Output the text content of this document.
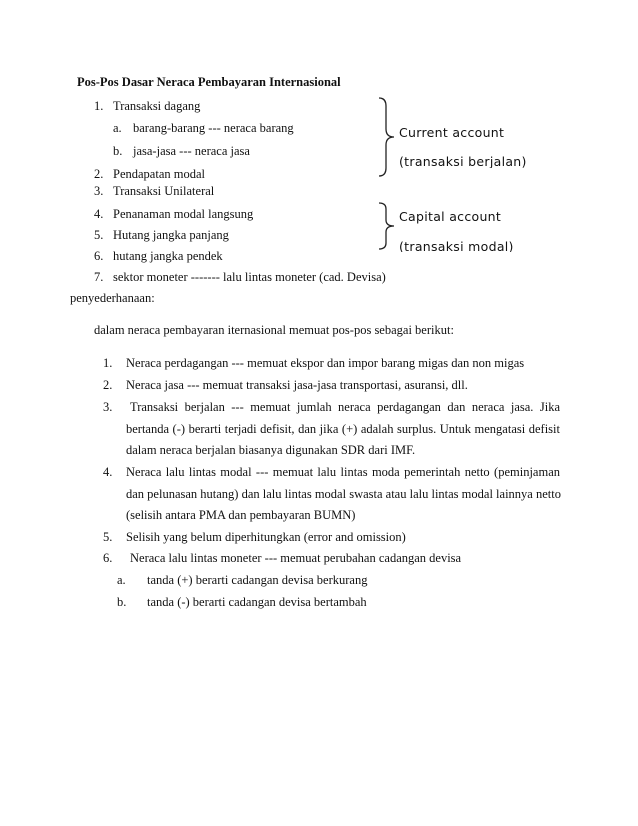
Pos-Pos Dasar Neraca Pembayaran Internasional
1. Transaksi dagang
a. barang-barang --- neraca barang
b. jasa-jasa --- neraca jasa
2. Pendapatan modal
3. Transaksi Unilateral
4. Penanaman modal langsung
5. Hutang jangka panjang
6. hutang jangka pendek
7. sektor moneter ------- lalu lintas moneter (cad. Devisa)
Current account
(transaksi berjalan)
Capital account
(transaksi modal)
penyederhanaan:
dalam neraca pembayaran iternasional memuat pos-pos sebagai berikut:
1. Neraca perdagangan --- memuat ekspor dan impor barang migas dan non migas
2. Neraca jasa --- memuat transaksi jasa-jasa transportasi, asuransi, dll.
3. Transaksi berjalan --- memuat jumlah neraca perdagangan dan neraca jasa. Jika
bertanda (-) berarti terjadi defisit, dan jika (+) adalah surplus. Untuk mengatasi defisit
dalam neraca berjalan biasanya digunakan SDR dari IMF.
4. Neraca lalu lintas modal --- memuat lalu lintas moda pemerintah netto (peminjaman
dan pelunasan hutang) dan lalu lintas modal swasta atau lalu lintas modal lainnya netto
(selisih antara PMA dan pembayaran BUMN)
5. Selisih yang belum diperhitungkan (error and omission)
6. Neraca lalu lintas moneter --- memuat perubahan cadangan devisa
a. tanda (+) berarti cadangan devisa berkurang
b. tanda (-) berarti cadangan devisa bertambah
